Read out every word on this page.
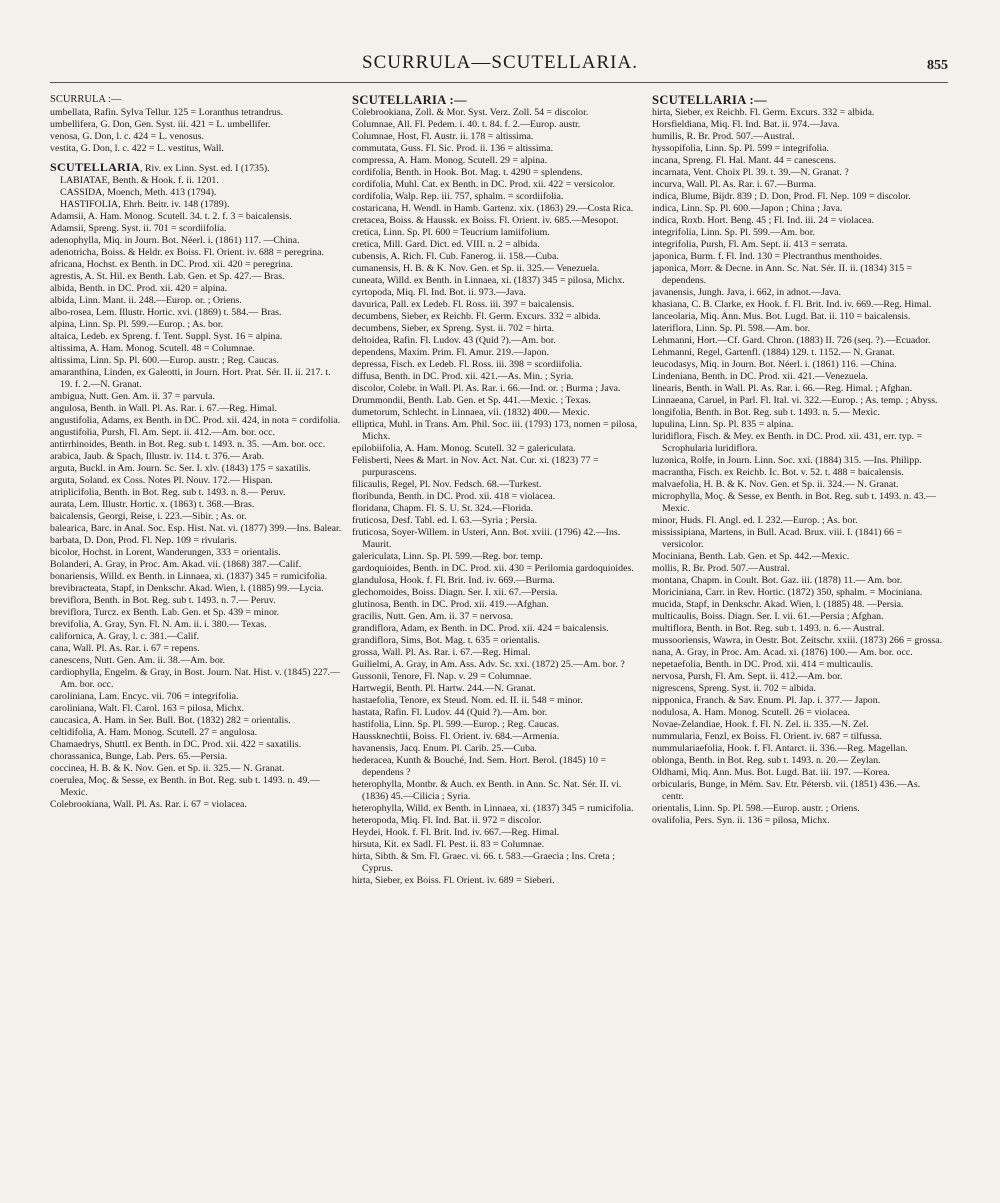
SCURRULA—SCUTELLARIA.	855
SCURRULA :—

umbellata, Rafin. Sylva Tellur. 125 = Loranthus tetrandrus.

umbellifera, G. Don, Gen. Syst. iii. 421 = L. umbellifer.

venosa, G. Don, l. c. 424 = L. venosus.

vestita, G. Don, l. c. 422 = L. vestitus, Wall.

SCUTELLARIA, Riv. ex Linn. Syst. ed. I (1735).

LABIATAE, Benth. & Hook. f. ii. 1201.

CASSIDA, Moench, Meth. 413 (1794).

HASTIFOLIA, Ehrh. Beitr. iv. 148 (1789).

Adamsii, A. Ham. Monog. Scutell. 34. t. 2. f. 3 = baicalensis.

Adamsii, Spreng. Syst. ii. 701 = scordiifolia.

adenophylla, Miq. in Journ. Bot. Néerl. i. (1861) 117. —China.

adenotricha, Boiss. & Heldr. ex Boiss. Fl. Orient. iv. 688 = peregrina.

africana, Hochst. ex Benth. in DC. Prod. xii. 420 = peregrina.

agrestis, A. St. Hil. ex Benth. Lab. Gen. et Sp. 427.— Bras.

albida, Benth. in DC. Prod. xii. 420 = alpina.

albida, Linn. Mant. ii. 248.—Europ. or. ; Oriens.

albo-rosea, Lem. Illustr. Hortic. xvi. (1869) t. 584.— Bras.

alpina, Linn. Sp. Pl. 599.—Europ. ; As. bor.

altaica, Ledeb. ex Spreng. f. Tent. Suppl. Syst. 16 = alpina.

altissima, A. Ham. Monog. Scutell. 48 = Columnae.

altissima, Linn. Sp. Pl. 600.—Europ. austr. ; Reg. Caucas.

amaranthina, Linden, ex Galeotti, in Journ. Hort. Prat. Sér. II. ii. 217. t. 19. f. 2.—N. Granat.

ambigua, Nutt. Gen. Am. ii. 37 = parvula.

angulosa, Benth. in Wall. Pl. As. Rar. i. 67.—Reg. Himal.

angustifolia, Adams, ex Benth. in DC. Prod. xii. 424, in nota = cordifolia.

angustifolia, Pursh, Fl. Am. Sept. ii. 412.—Am. bor. occ.

antirrhinoides, Benth. in Bot. Reg. sub t. 1493. n. 35. —Am. bor. occ.

arabica, Jaub. & Spach, Illustr. iv. 114. t. 376.— Arab.

arguta, Buckl. in Am. Journ. Sc. Ser. I. xlv. (1843) 175 = saxatilis.

arguta, Soland. ex Coss. Notes Pl. Nouv. 172.— Hispan.

atriplicifolia, Benth. in Bot. Reg. sub t. 1493. n. 8.— Peruv.

aurata, Lem. Illustr. Hortic. x. (1863) t. 368.—Bras.

baicalensis, Georgi, Reise, i. 223.—Sibir. ; As. or.

balearica, Barc. in Anal. Soc. Esp. Hist. Nat. vi. (1877) 399.—Ins. Balear.

barbata, D. Don, Prod. Fl. Nep. 109 = rivularis.

bicolor, Hochst. in Lorent, Wanderungen, 333 = orientalis.

Bolanderi, A. Gray, in Proc. Am. Akad. vii. (1868) 387.—Calif.

bonariensis, Willd. ex Benth. in Linnaea, xi. (1837) 345 = rumicifolia.

brevibracteata, Stapf, in Denkschr. Akad. Wien, l. (1885) 99.—Lycia.

breviflora, Benth. in Bot. Reg. sub t. 1493. n. 7.— Peruv.

breviflora, Turcz. ex Benth. Lab. Gen. et Sp. 439 = minor.

brevifolia, A. Gray, Syn. Fl. N. Am. ii. i. 380.— Texas.

californica, A. Gray, l. c. 381.—Calif.

cana, Wall. Pl. As. Rar. i. 67 = repens.

canescens, Nutt. Gen. Am. ii. 38.—Am. bor.

cardiophylla, Engelm. & Gray, in Bost. Journ. Nat. Hist. v. (1845) 227.—Am. bor. occ.

caroliniana, Lam. Encyc. vii. 706 = integrifolia.

caroliniana, Walt. Fl. Carol. 163 = pilosa, Michx.

caucasica, A. Ham. in Ser. Bull. Bot. (1832) 282 = orientalis.

celtidifolia, A. Ham. Monog. Scutell. 27 = angulosa.

Chamaedrys, Shuttl. ex Benth. in DC. Prod. xii. 422 = saxatilis.

chorassanica, Bunge, Lab. Pers. 65.—Persia.

coccinea, H. B. & K. Nov. Gen. et Sp. ii. 325.— N. Granat.

coerulea, Moç. & Sesse, ex Benth. in Bot. Reg. sub t. 1493. n. 49.—Mexic.

Colebrookiana, Wall. Pl. As. Rar. i. 67 = violacea.

SCUTELLARIA :—

Colebrookiana, Zoll. & Mor. Syst. Verz. Zoll. 54 = discolor.

Columnae, All. Fl. Pedem. i. 40. t. 84. f. 2.—Europ. austr.

Columnae, Host, Fl. Austr. ii. 178 = altissima.

commutata, Guss. Fl. Sic. Prod. ii. 136 = altissima.

compressa, A. Ham. Monog. Scutell. 29 = alpina.

cordifolia, Benth. in Hook. Bot. Mag. t. 4290 = splendens.

cordifolia, Muhl. Cat. ex Benth. in DC. Prod. xii. 422 = versicolor.

cordifolia, Walp. Rep. iii. 757, sphalm. = scordiifolia.

costaricana, H. Wendl. in Hamb. Gartenz. xix. (1863) 29.—Costa Rica.

cretacea, Boiss. & Haussk. ex Boiss. Fl. Orient. iv. 685.—Mesopot.

cretica, Linn. Sp. Pl. 600 = Teucrium lamiifolium.

cretica, Mill. Gard. Dict. ed. VIII. n. 2 = albida.

cubensis, A. Rich. Fl. Cub. Fanerog. ii. 158.—Cuba.

cumanensis, H. B. & K. Nov. Gen. et Sp. ii. 325.— Venezuela.

cuneata, Willd. ex Benth. in Linnaea, xi. (1837) 345 = pilosa, Michx.

cyrtopoda, Miq. Fl. Ind. Bot. ii. 973.—Java.

davurica, Pall. ex Ledeb. Fl. Ross. iii. 397 = baicalensis.

decumbens, Sieber, ex Reichb. Fl. Germ. Excurs. 332 = albida.

decumbens, Sieber, ex Spreng. Syst. ii. 702 = hirta.

deltoidea, Rafin. Fl. Ludov. 43 (Quid ?).—Am. bor.

dependens, Maxim. Prim. Fl. Amur. 219.—Japon.

depressa, Fisch. ex Ledeb. Fl. Ross. iii. 398 = scordiifolia.

diffusa, Benth. in DC. Prod. xii. 421.—As. Min. ; Syria.

discolor, Colebr. in Wall. Pl. As. Rar. i. 66.—Ind. or. ; Burma ; Java.

Drummondii, Benth. Lab. Gen. et Sp. 441.—Mexic. ; Texas.

dumetorum, Schlecht. in Linnaea, vii. (1832) 400.— Mexic.

elliptica, Muhl. in Trans. Am. Phil. Soc. iii. (1793) 173, nomen = pilosa, Michx.

epilobiifolia, A. Ham. Monog. Scutell. 32 = galericulata.

Felisberti, Nees & Mart. in Nov. Act. Nat. Cur. xi. (1823) 77 = purpurascens.

filicaulis, Regel, Pl. Nov. Fedsch. 68.—Turkest.

floribunda, Benth. in DC. Prod. xii. 418 = violacea.

floridana, Chapm. Fl. S. U. St. 324.—Florida.

fruticosa, Desf. Tabl. ed. I. 63.—Syria ; Persia.

fruticosa, Soyer-Willem. in Usteri, Ann. Bot. xviii. (1796) 42.—Ins. Maurit.

galericulata, Linn. Sp. Pl. 599.—Reg. bor. temp.

gardoquioides, Benth. in DC. Prod. xii. 430 = Perilomia gardoquioides.

glandulosa, Hook. f. Fl. Brit. Ind. iv. 669.—Burma.

glechomoides, Boiss. Diagn. Ser. I. xii. 67.—Persia.

glutinosa, Benth. in DC. Prod. xii. 419.—Afghan.

gracilis, Nutt. Gen. Am. ii. 37 = nervosa.

grandiflora, Adam, ex Benth. in DC. Prod. xii. 424 = baicalensis.

grandiflora, Sims, Bot. Mag. t. 635 = orientalis.

grossa, Wall. Pl. As. Rar. i. 67.—Reg. Himal.

Guilielmi, A. Gray, in Am. Ass. Adv. Sc. xxi. (1872) 25.—Am. bor. ?

Gussonii, Tenore, Fl. Nap. v. 29 = Columnae.

Hartwegii, Benth. Pl. Hartw. 244.—N. Granat.

hastaefolia, Tenore, ex Steud. Nom. ed. II. ii. 548 = minor.

hastata, Rafin. Fl. Ludov. 44 (Quid ?).—Am. bor.

hastifolia, Linn. Sp. Pl. 599.—Europ. ; Reg. Caucas.

Haussknechtii, Boiss. Fl. Orient. iv. 684.—Armenia.

havanensis, Jacq. Enum. Pl. Carib. 25.—Cuba.

hederacea, Kunth & Bouché, Ind. Sem. Hort. Berol. (1845) 10 = dependens ?

heterophylla, Montbr. & Auch. ex Benth. in Ann. Sc. Nat. Sér. II. vi. (1836) 45.—Cilicia ; Syria.

heterophylla, Willd. ex Benth. in Linnaea, xi. (1837) 345 = rumicifolia.

heteropoda, Miq. Fl. Ind. Bat. ii. 972 = discolor.

Heydei, Hook. f. Fl. Brit. Ind. iv. 667.—Reg. Himal.

hirsuta, Kit. ex Sadl. Fl. Pest. ii. 83 = Columnae.

hirta, Sibth. & Sm. Fl. Graec. vi. 66. t. 583.—Graecia ; Ins. Creta ; Cyprus.

hirta, Sieber, ex Boiss. Fl. Orient. iv. 689 = Sieberi.

SCUTELLARIA :—

hirta, Sieber, ex Reichb. Fl. Germ. Excurs. 332 = albida.

Horsfieldiana, Miq. Fl. Ind. Bat. ii. 974.—Java.

humilis, R. Br. Prod. 507.—Austral.

hyssopifolia, Linn. Sp. Pl. 599 = integrifolia.

incana, Spreng. Fl. Hal. Mant. 44 = canescens.

incarnata, Vent. Choix Pl. 39. t. 39.—N. Granat. ?

incurva, Wall. Pl. As. Rar. i. 67.—Burma.

indica, Blume, Bijdr. 839 ; D. Don, Prod. Fl. Nep. 109 = discolor.

indica, Linn. Sp. Pl. 600.—Japon ; China ; Java.

indica, Roxb. Hort. Beng. 45 ; Fl. Ind. iii. 24 = violacea.

integrifolia, Linn. Sp. Pl. 599.—Am. bor.

integrifolia, Pursh, Fl. Am. Sept. ii. 413 = serrata.

japonica, Burm. f. Fl. Ind. 130 = Plectranthus menthoides.

japonica, Morr. & Decne. in Ann. Sc. Nat. Sér. II. ii. (1834) 315 = dependens.

javanensis, Jungh. Java, i. 662, in adnot.—Java.

khasiana, C. B. Clarke, ex Hook. f. Fl. Brit. Ind. iv. 669.—Reg. Himal.

lanceolaria, Miq. Ann. Mus. Bot. Lugd. Bat. ii. 110 = baicalensis.

lateriflora, Linn. Sp. Pl. 598.—Am. bor.

Lehmanni, Hort.—Cf. Gard. Chron. (1883) II. 726 (seq. ?).—Ecuador.

Lehmanni, Regel, Gartenfl. (1884) 129. t. 1152.— N. Granat.

leucodasys, Miq. in Journ. Bot. Néerl. i. (1861) 116. —China.

Lindeniana, Benth. in DC. Prod. xii. 421.—Venezuela.

linearis, Benth. in Wall. Pl. As. Rar. i. 66.—Reg. Himal. ; Afghan.

Linnaeana, Caruel, in Parl. Fl. Ital. vi. 322.—Europ. ; As. temp. ; Abyss.

longifolia, Benth. in Bot. Reg. sub t. 1493. n. 5.— Mexic.

lupulina, Linn. Sp. Pl. 835 = alpina.

luridiflora, Fisch. & Mey. ex Benth. in DC. Prod. xii. 431, err. typ. = Scrophularia luridiflora.

luzonica, Rolfe, in Journ. Linn. Soc. xxi. (1884) 315. —Ins. Philipp.

macrantha, Fisch. ex Reichb. Ic. Bot. v. 52. t. 488 = baicalensis.

malvaefolia, H. B. & K. Nov. Gen. et Sp. ii. 324.— N. Granat.

microphylla, Moç. & Sesse, ex Benth. in Bot. Reg. sub t. 1493. n. 43.—Mexic.

minor, Huds. Fl. Angl. ed. I. 232.—Europ. ; As. bor.

mississipiana, Martens, in Bull. Acad. Brux. viii. I. (1841) 66 = versicolor.

Mociniana, Benth. Lab. Gen. et Sp. 442.—Mexic.

mollis, R. Br. Prod. 507.—Austral.

montana, Chapm. in Coult. Bot. Gaz. iii. (1878) 11.— Am. bor.

Moriciniana, Carr. in Rev. Hortic. (1872) 350, sphalm. = Mociniana.

mucida, Stapf, in Denkschr. Akad. Wien, l. (1885) 48. —Persia.

multicaulis, Boiss. Diagn. Ser. I. vii. 61.—Persia ; Afghan.

multiflora, Benth. in Bot. Reg. sub t. 1493. n. 6.— Austral.

mussooriensis, Wawra, in Oestr. Bot. Zeitschr. xxiii. (1873) 266 = grossa.

nana, A. Gray, in Proc. Am. Acad. xi. (1876) 100.— Am. bor. occ.

nepetaefolia, Benth. in DC. Prod. xii. 414 = multicaulis.

nervosa, Pursh, Fl. Am. Sept. ii. 412.—Am. bor.

nigrescens, Spreng. Syst. ii. 702 = albida.

nipponica, Franch. & Sav. Enum. Pl. Jap. i. 377.— Japon.

nodulosa, A. Ham. Monog. Scutell. 26 = violacea.

Novae-Zelandiae, Hook. f. Fl. N. Zel. ii. 335.—N. Zel.

nummularia, Fenzl, ex Boiss. Fl. Orient. iv. 687 = tilfussa.

nummulariaefolia, Hook. f. Fl. Antarct. ii. 336.—Reg. Magellan.

oblonga, Benth. in Bot. Reg. sub t. 1493. n. 20.— Zeylan.

Oldhami, Miq. Ann. Mus. Bot. Lugd. Bat. iii. 197. —Korea.

orbicularis, Bunge, in Mém. Sav. Etr. Pétersb. vii. (1851) 436.—As. centr.

orientalis, Linn. Sp. Pl. 598.—Europ. austr. ; Oriens.

ovalifolia, Pers. Syn. ii. 136 = pilosa, Michx.
